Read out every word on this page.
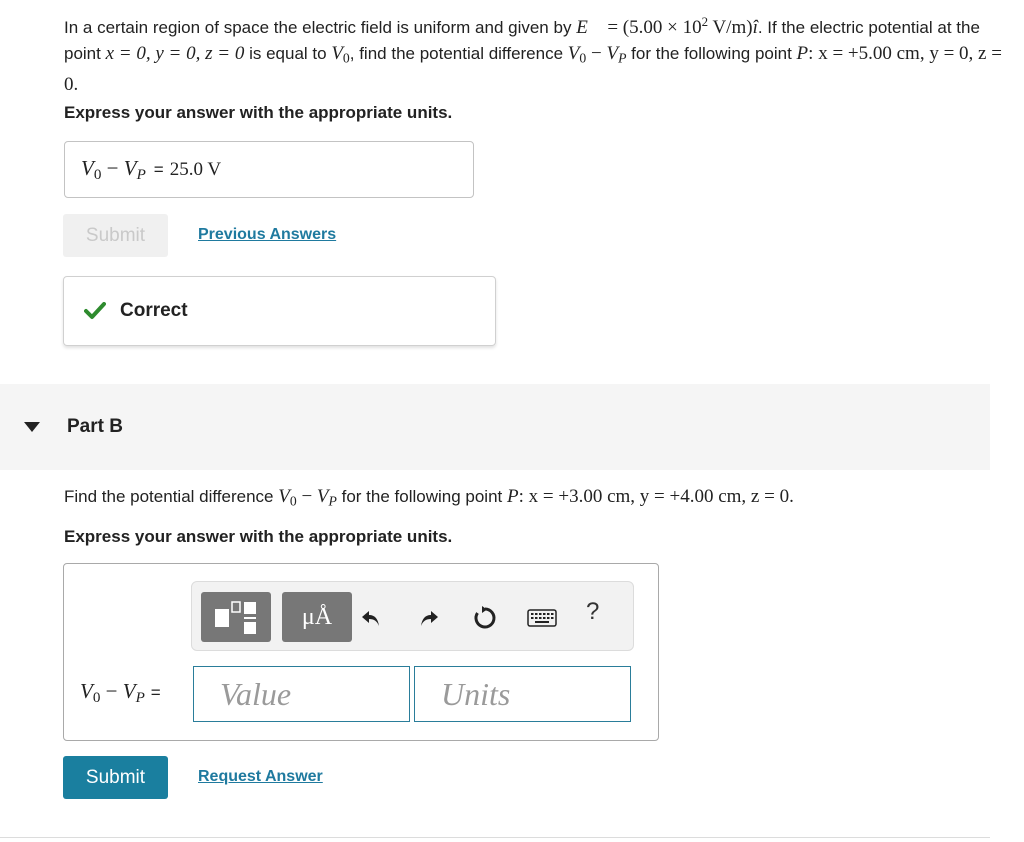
In a certain region of space the electric field is uniform and given by E⃗ = ($5.00 \times 10^2$ V/m)î. If the electric potential at the point x = 0, y = 0, z = 0 is equal to $V_0$, find the potential difference $V_0 - V_P$ for the following point P: x = +5.00 cm, y = 0, z = 0.
Express your answer with the appropriate units.
$V_0 - V_P = 25.0$ V
Submit	Previous Answers
Correct
Part B
Find the potential difference $V_0 - V_P$ for the following point P: x = +3.00 cm, y = +4.00 cm, z = 0.
Express your answer with the appropriate units.
μÅ	?
$V_0 - V_P$ =
Value
Units
Submit	Request Answer
